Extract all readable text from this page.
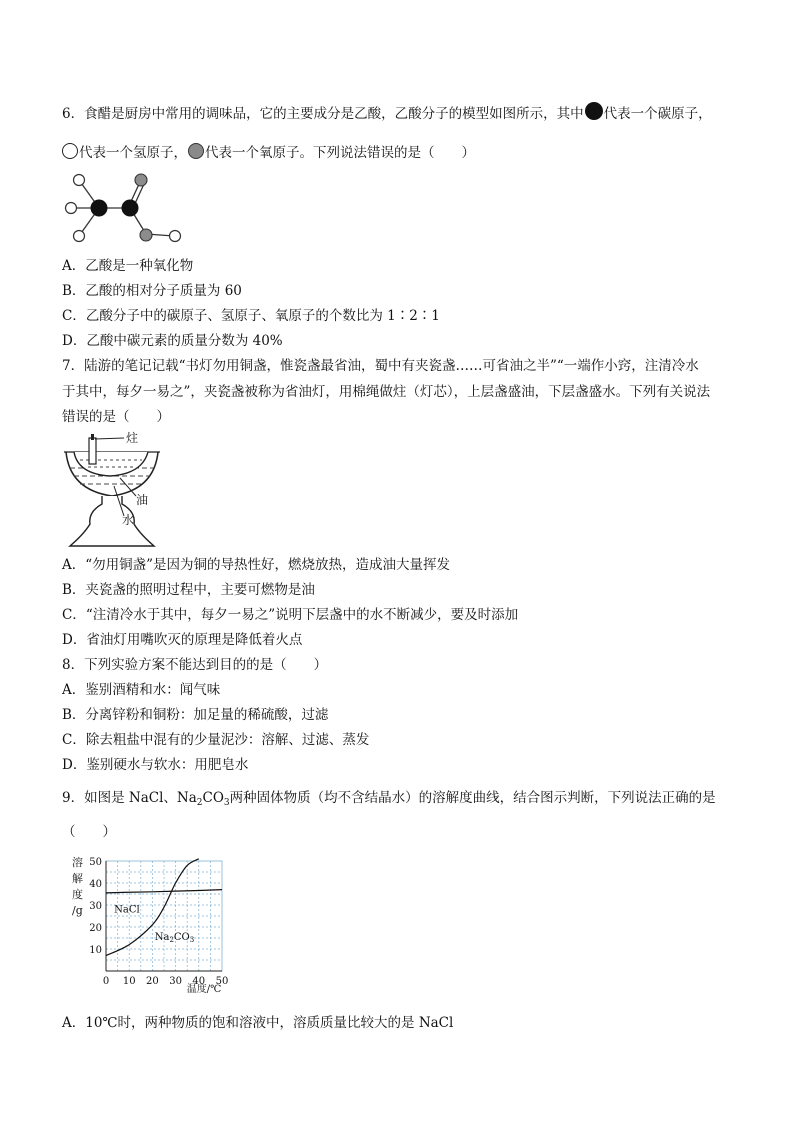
6．食醋是厨房中常用的调味品，它的主要成分是乙酸，乙酸分子的模型如图所示，其中 代表一个碳原子，
代表一个氢原子， 代表一个氧原子。下列说法错误的是（　　）
A．乙酸是一种氧化物
B．乙酸的相对分子质量为 60
C．乙酸分子中的碳原子、氢原子、氧原子的个数比为 1∶2∶1
D．乙酸中碳元素的质量分数为 40%
7．陆游的笔记记载“书灯勿用铜盏，惟瓷盏最省油，蜀中有夹瓷盏……可省油之半”“一端作小窍，注清冷水
于其中，每夕一易之”，夹瓷盏被称为省油灯，用棉绳做炷（灯芯），上层盏盛油，下层盏盛水。下列有关说法
错误的是（　　）
炷
油
水
A．“勿用铜盏”是因为铜的导热性好，燃烧放热，造成油大量挥发
B．夹瓷盏的照明过程中，主要可燃物是油
C．“注清冷水于其中，每夕一易之”说明下层盏中的水不断减少，要及时添加
D．省油灯用嘴吹灭的原理是降低着火点
8．下列实验方案不能达到目的的是（　　）
A．鉴别酒精和水：闻气味
B．分离锌粉和铜粉：加足量的稀硫酸，过滤
C．除去粗盐中混有的少量泥沙：溶解、过滤、蒸发
D．鉴别硬水与软水：用肥皂水
9．如图是 NaCl、$Na_2CO_3$两种固体物质（均不含结晶水）的溶解度曲线，结合图示判断，下列说法正确的是
（　　）
溶
解
度
/g
0 10 20 30 40 50
10
20
30
40
50
NaCl
$Na_2CO_3$
温度/℃
A．10℃时，两种物质的饱和溶液中，溶质质量比较大的是 NaCl
